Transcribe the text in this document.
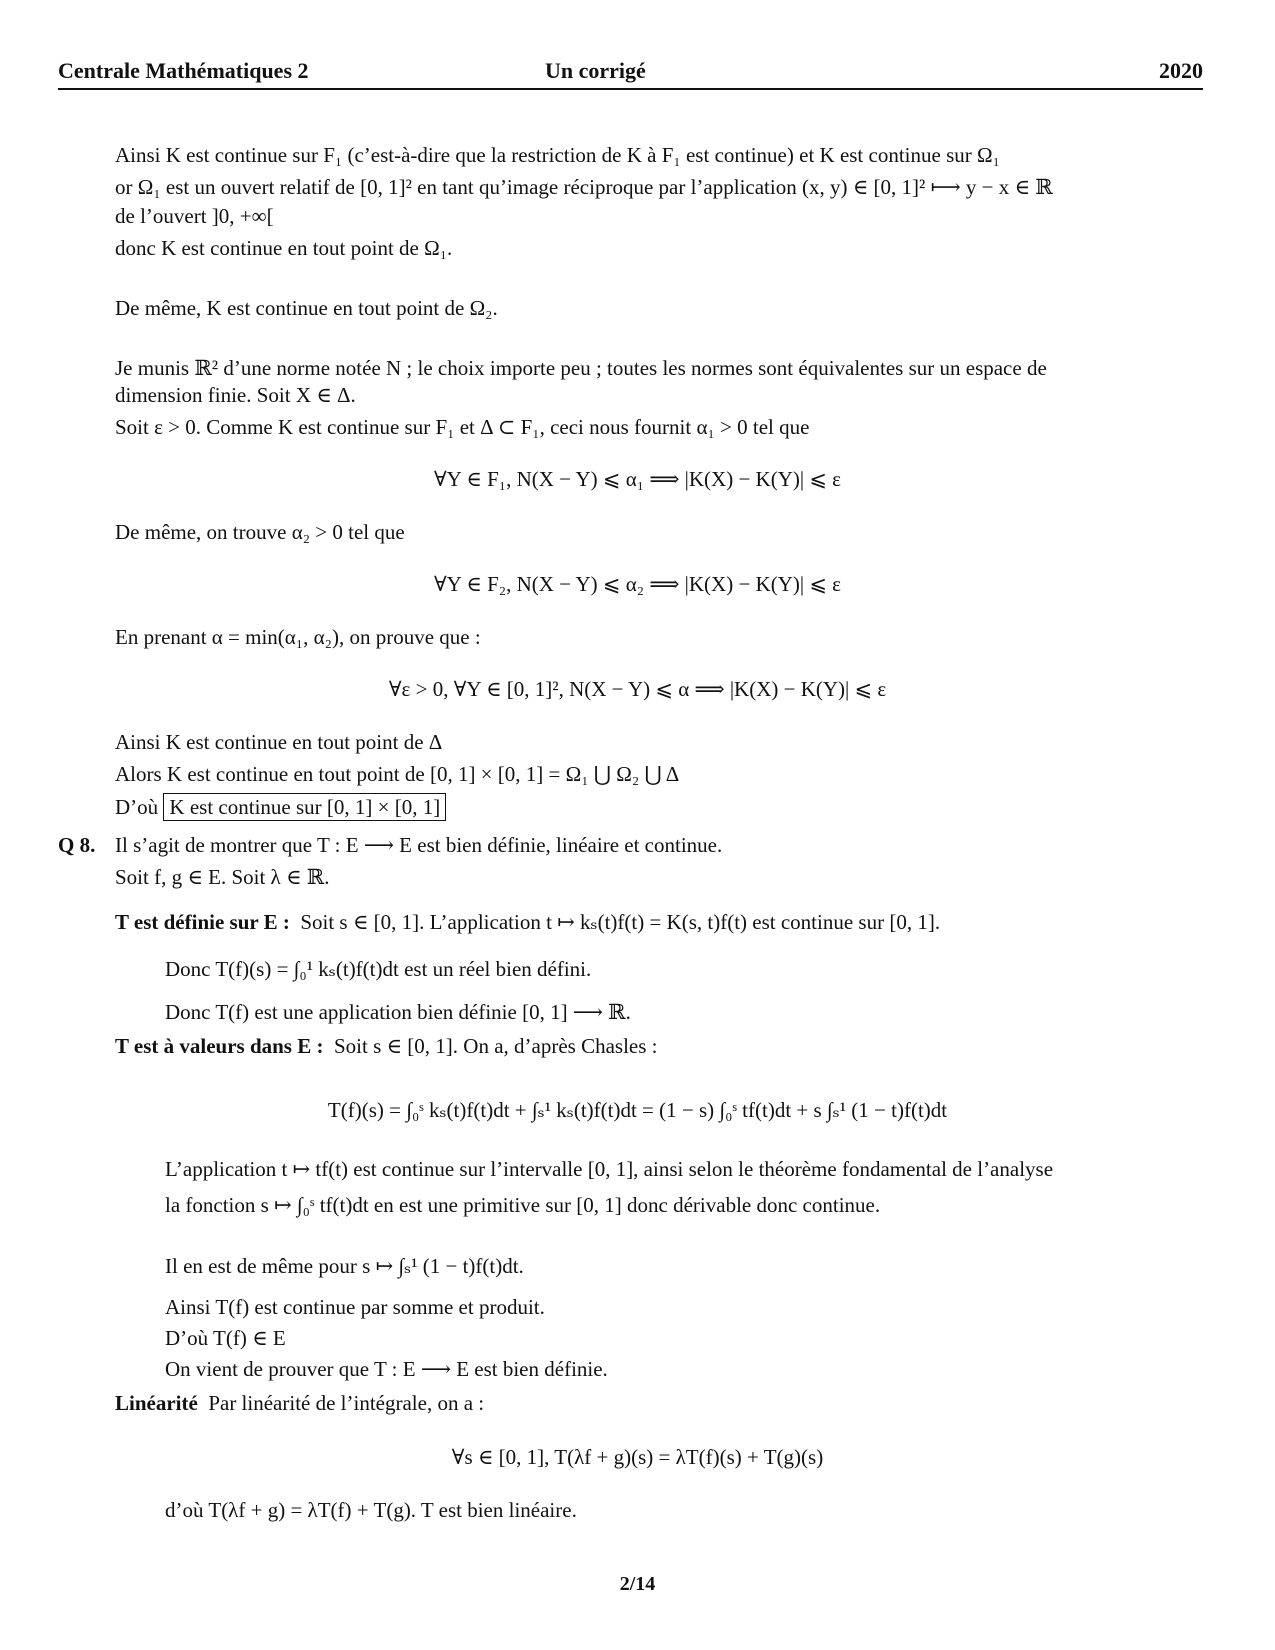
Centrale Mathématiques 2	Un corrigé	2020
Ainsi K est continue sur F₁ (c’est-à-dire que la restriction de K à F₁ est continue) et K est continue sur Ω₁
or Ω₁ est un ouvert relatif de [0, 1]² en tant qu’image réciproque par l’application (x, y) ∈ [0, 1]² ⟼ y − x ∈ ℝ
de l’ouvert ]0, +∞[
donc K est continue en tout point de Ω₁.
De même, K est continue en tout point de Ω₂.
Je munis ℝ² d’une norme notée N ; le choix importe peu ; toutes les normes sont équivalentes sur un espace de
dimension finie. Soit X ∈ Δ.
Soit ε > 0. Comme K est continue sur F₁ et Δ ⊂ F₁, ceci nous fournit α₁ > 0 tel que
∀Y ∈ F₁, N(X − Y) ⩽ α₁ ⟹ |K(X) − K(Y)| ⩽ ε
De même, on trouve α₂ > 0 tel que
∀Y ∈ F₂, N(X − Y) ⩽ α₂ ⟹ |K(X) − K(Y)| ⩽ ε
En prenant α = min(α₁, α₂), on prouve que :
∀ε > 0, ∀Y ∈ [0, 1]², N(X − Y) ⩽ α ⟹ |K(X) − K(Y)| ⩽ ε
Ainsi K est continue en tout point de Δ
Alors K est continue en tout point de [0, 1] × [0, 1] = Ω₁ ⋃ Ω₂ ⋃ Δ
D’où K est continue sur [0, 1] × [0, 1]
Q 8. Il s’agit de montrer que T : E ⟶ E est bien définie, linéaire et continue.
Soit f, g ∈ E. Soit λ ∈ ℝ.
T est définie sur E : Soit s ∈ [0, 1]. L’application t ↦ kₛ(t)f(t) = K(s, t)f(t) est continue sur [0, 1].
Donc T(f)(s) = ∫₀¹ kₛ(t)f(t)dt est un réel bien défini.
Donc T(f) est une application bien définie [0, 1] ⟶ ℝ.
T est à valeurs dans E : Soit s ∈ [0, 1]. On a, d’après Chasles :
T(f)(s) = ∫₀ˢ kₛ(t)f(t)dt + ∫ₛ¹ kₛ(t)f(t)dt = (1 − s) ∫₀ˢ tf(t)dt + s ∫ₛ¹ (1 − t)f(t)dt
L’application t ↦ tf(t) est continue sur l’intervalle [0, 1], ainsi selon le théorème fondamental de l’analyse
la fonction s ↦ ∫₀ˢ tf(t)dt en est une primitive sur [0, 1] donc dérivable donc continue.
Il en est de même pour s ↦ ∫ₛ¹ (1 − t)f(t)dt.
Ainsi T(f) est continue par somme et produit.
D’où T(f) ∈ E
On vient de prouver que T : E ⟶ E est bien définie.
Linéarité Par linéarité de l’intégrale, on a :
∀s ∈ [0, 1], T(λf + g)(s) = λT(f)(s) + T(g)(s)
d’où T(λf + g) = λT(f) + T(g). T est bien linéaire.
2/14
